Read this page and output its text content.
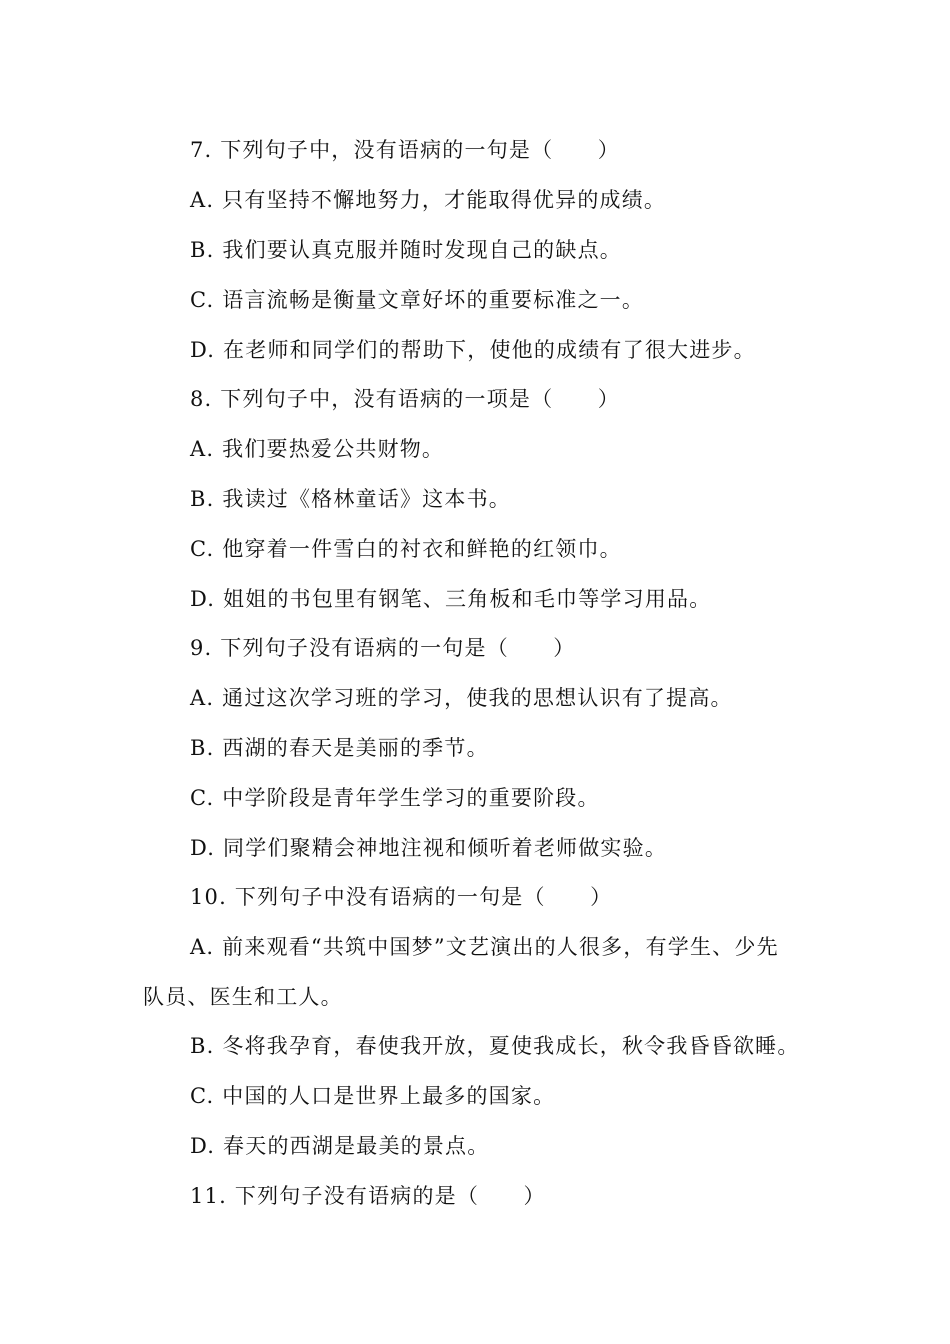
7. 下列句子中，没有语病的一句是（　　）
A. 只有坚持不懈地努力，才能取得优异的成绩。
B. 我们要认真克服并随时发现自己的缺点。
C. 语言流畅是衡量文章好坏的重要标准之一。
D. 在老师和同学们的帮助下，使他的成绩有了很大进步。
8. 下列句子中，没有语病的一项是（　　）
A. 我们要热爱公共财物。
B. 我读过《格林童话》这本书。
C. 他穿着一件雪白的衬衣和鲜艳的红领巾。
D. 姐姐的书包里有钢笔、三角板和毛巾等学习用品。
9. 下列句子没有语病的一句是（　　）
A. 通过这次学习班的学习，使我的思想认识有了提高。
B. 西湖的春天是美丽的季节。
C. 中学阶段是青年学生学习的重要阶段。
D. 同学们聚精会神地注视和倾听着老师做实验。
10. 下列句子中没有语病的一句是（　　）
A. 前来观看“共筑中国梦”文艺演出的人很多，有学生、少先
队员、医生和工人。
B. 冬将我孕育，春使我开放，夏使我成长，秋令我昏昏欲睡。
C. 中国的人口是世界上最多的国家。
D. 春天的西湖是最美的景点。
11. 下列句子没有语病的是（　　）
